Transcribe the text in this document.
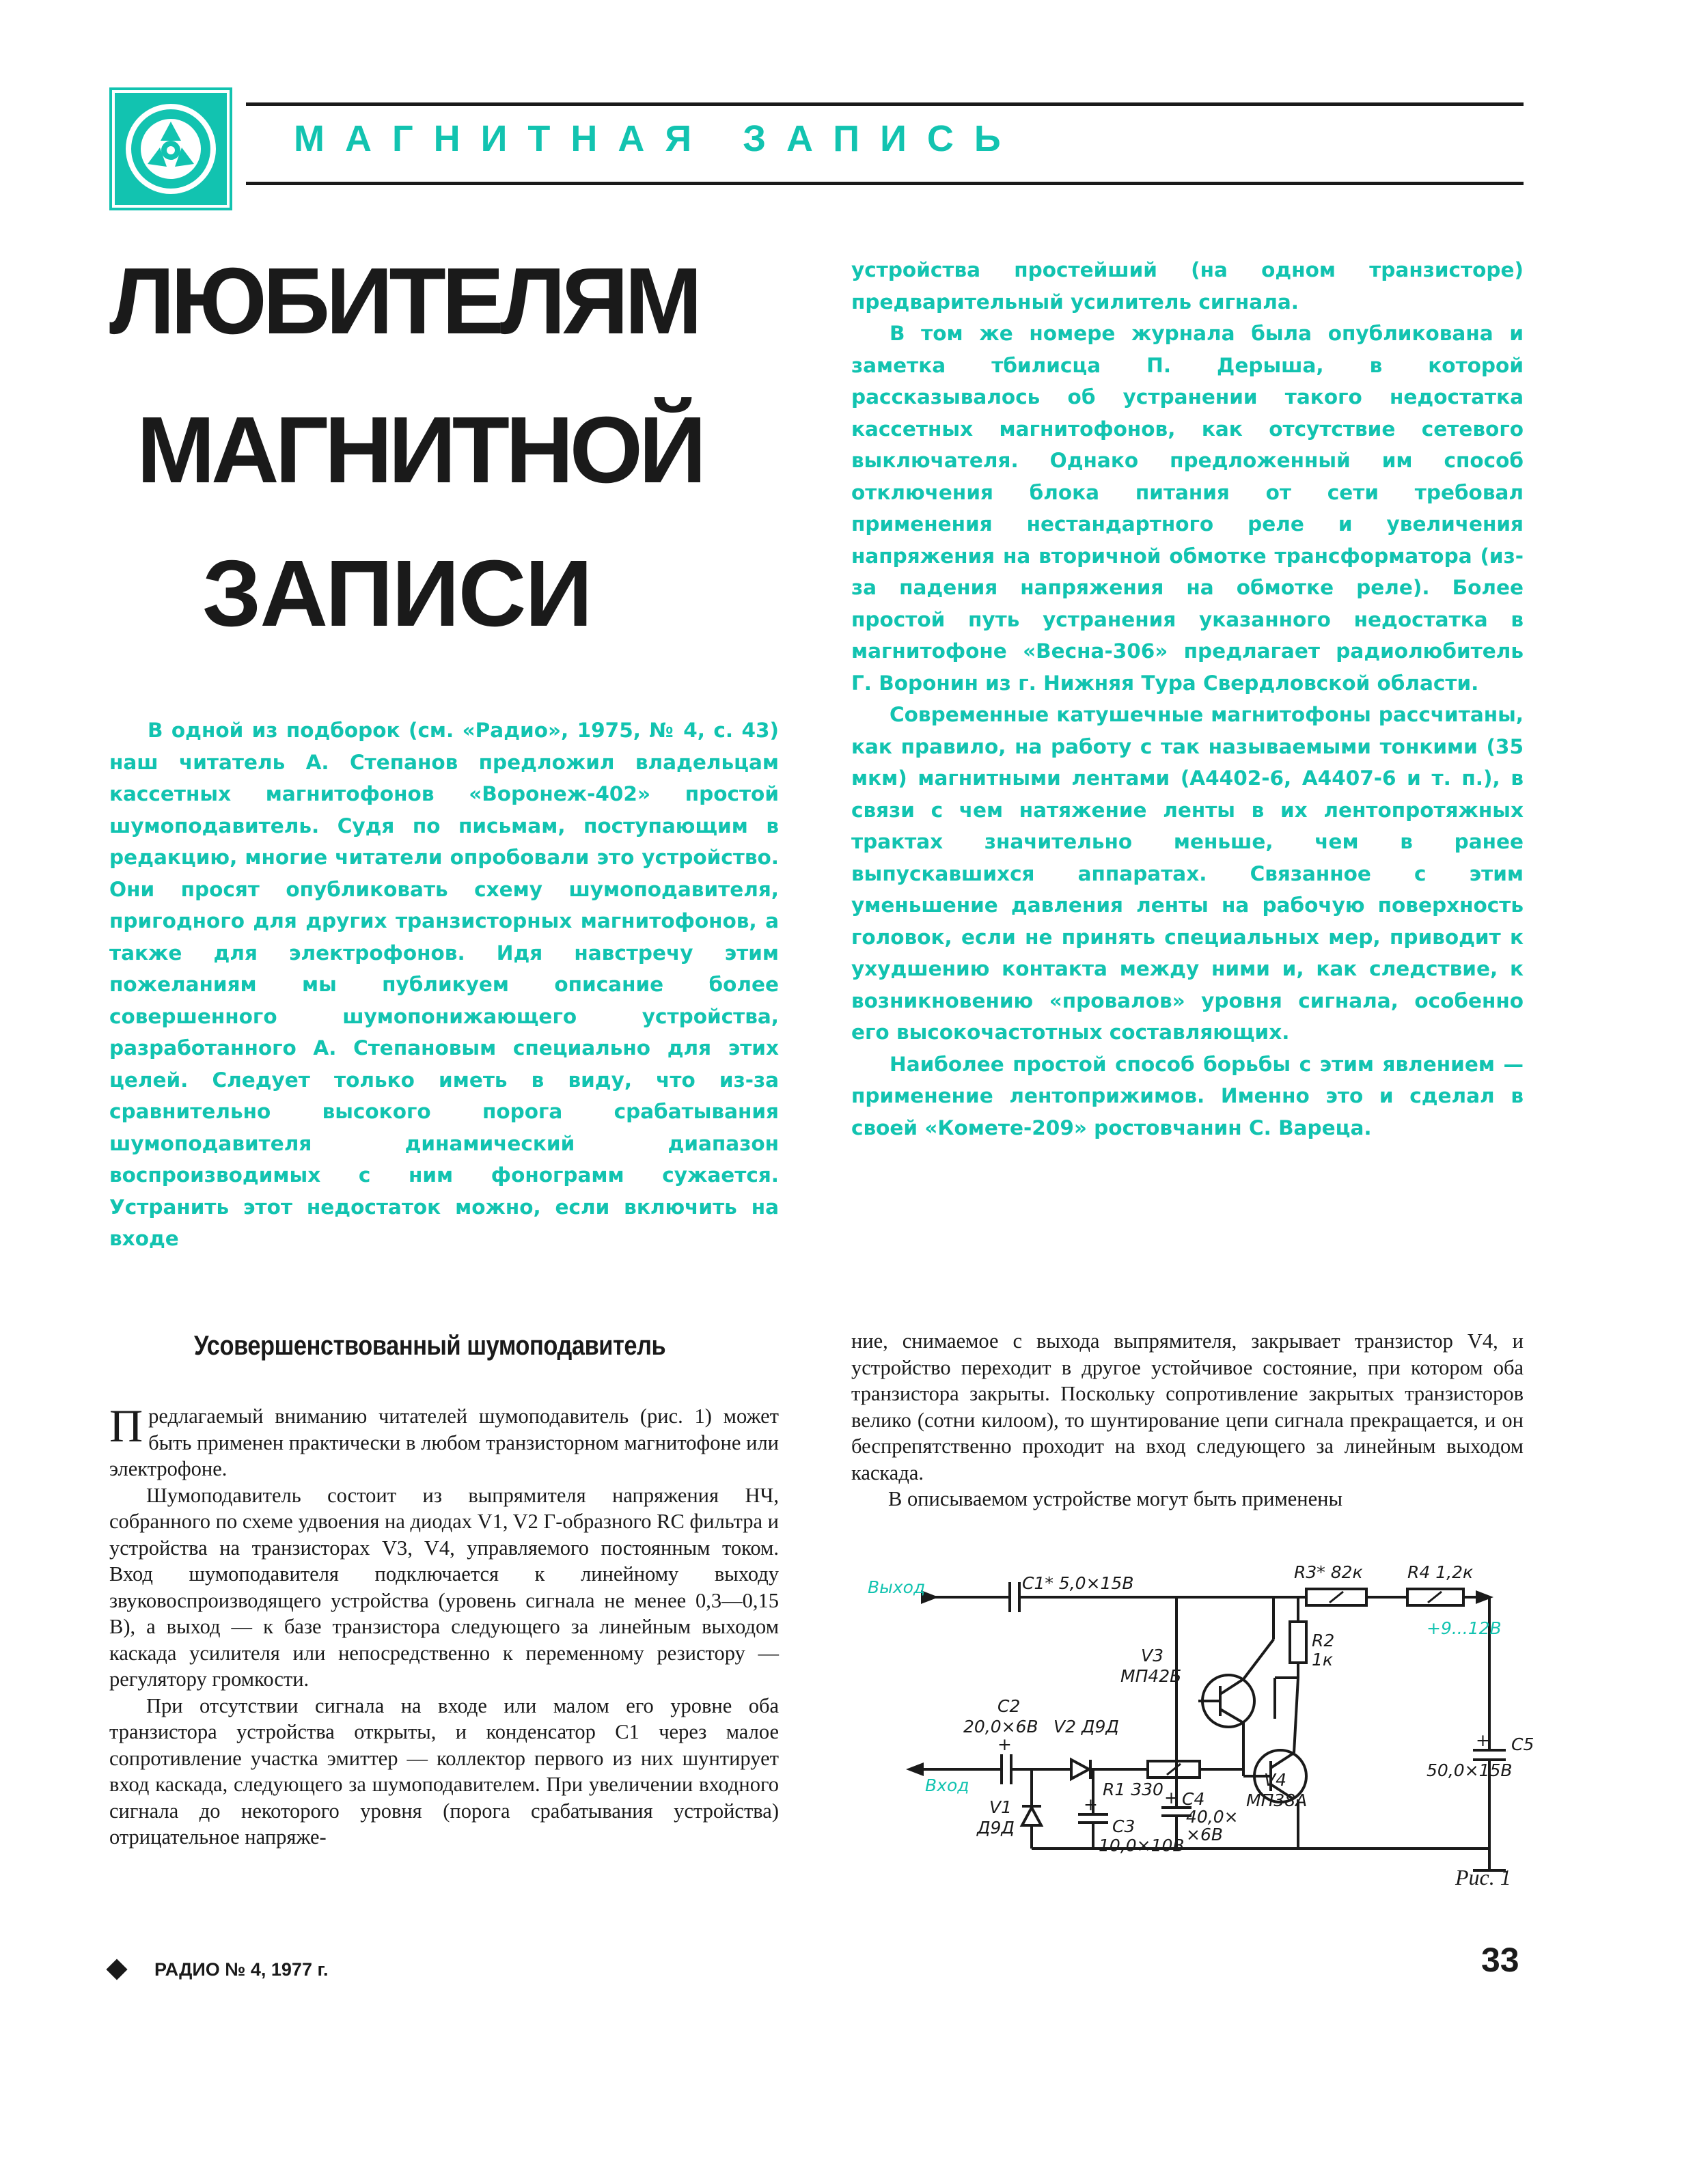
МАГНИТНАЯ ЗАПИСЬ
ЛЮБИТЕЛЯМ
МАГНИТНОЙ
ЗАПИСИ

В одной из подборок (см. «Радио», 1975, № 4, с. 43) наш читатель А. Степанов предложил владельцам кассетных магнитофонов «Воронеж-402» простой шумоподавитель. Судя по письмам, поступающим в редакцию, многие читатели опробовали это устройство. Они просят опубликовать схему шумоподавителя, пригодного для других транзисторных магнитофонов, а также для электрофонов. Идя навстречу этим пожеланиям мы публикуем описание более совершенного шумопонижающего устройства, разработанного А. Степановым специально для этих целей. Следует только иметь в виду, что из-за сравнительно высокого порога срабатывания шумоподавителя динамический диапазон воспроизводимых с ним фонограмм сужается. Устранить этот недостаток можно, если включить на входе

устройства простейший (на одном транзисторе) предварительный усилитель сигнала.

В том же номере журнала была опубликована и заметка тбилисца П. Дерыша, в которой рассказывалось об устранении такого недостатка кассетных магнитофонов, как отсутствие сетевого выключателя. Однако предложенный им способ отключения блока питания от сети требовал применения нестандартного реле и увеличения напряжения на вторичной обмотке трансформатора (из-за падения напряжения на обмотке реле). Более простой путь устранения указанного недостатка в магнитофоне «Весна-306» предлагает радиолюбитель Г. Воронин из г. Нижняя Тура Свердловской области.

Современные катушечные магнитофоны рассчитаны, как правило, на работу с так называемыми тонкими (35 мкм) магнитными лентами (А4402-6, А4407-6 и т. п.), в связи с чем натяжение ленты в их лентопротяжных трактах значительно меньше, чем в ранее выпускавшихся аппаратах. Связанное с этим уменьшение давления ленты на рабочую поверхность головок, если не принять специальных мер, приводит к ухудшению контакта между ними и, как следствие, к возникновению «провалов» уровня сигнала, особенно его высокочастотных составляющих.

Наиболее простой способ борьбы с этим явлением — применение лентоприжимов. Именно это и сделал в своей «Комете-209» ростовчанин С. Вареца.

Усовершенствованный шумоподавитель

Предлагаемый вниманию читателей шумоподавитель (рис. 1) может быть применен практически в любом транзисторном магнитофоне или электрофоне.

Шумоподавитель состоит из выпрямителя напряжения НЧ, собранного по схеме удвоения на диодах V1, V2 Г-образного RC фильтра и устройства на транзисторах V3, V4, управляемого постоянным током. Вход шумоподавителя подключается к линейному выходу звуковоспроизводящего устройства (уровень сигнала не менее 0,3—0,15 В), а выход — к базе транзистора следующего за линейным выходом каскада усилителя или непосредственно к переменному резистору — регулятору громкости.

При отсутствии сигнала на входе или малом его уровне оба транзистора устройства открыты, и конденсатор C1 через малое сопротивление участка эмиттер — коллектор первого из них шунтирует вход каскада, следующего за шумоподавителем. При увеличении входного сигнала до некоторого уровня (порога срабатывания устройства) отрицательное напряже-

ние, снимаемое с выхода выпрямителя, закрывает транзистор V4, и устройство переходит в другое устойчивое состояние, при котором оба транзистора закрыты. Поскольку сопротивление закрытых транзисторов велико (сотни килоом), то шунтирование цепи сигнала прекращается, и он беспрепятственно проходит на вход следующего за линейным выходом каскада.

В описываемом устройстве могут быть применены

Выход	C1* 5,0×15В
R3* 82к	R4 1,2к
+9...12В
R2
1к
V3
МП42Б
C2
20,0×6В V2 Д9Д
+
Вход	R1 330
+
C3
10,0×10В
+ C4
40,0×
×6В
V4
МП38А
V1
Д9Д
+ C5
50,0×15В
Рис. 1
РАДИО № 4, 1977 г.	33
